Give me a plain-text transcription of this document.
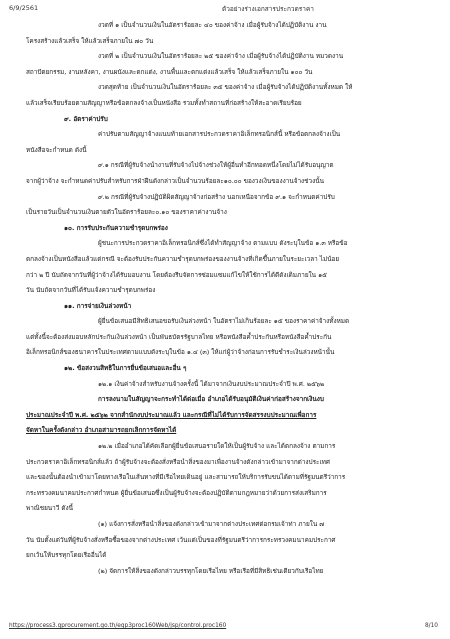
6/9/2561	ตัวอย่างร่างเอกสารประกวดราคา
งวดที่ ๑ เป็นจำนวนเงินในอัตราร้อยละ ๔๐ ของค่าจ้าง เมื่อผู้รับจ้างได้ปฏิบัติงาน งาน
โครงสร้างแล้วเสร็จ ให้แล้วเสร็จภายใน ๗๐ วัน
งวดที่ ๒ เป็นจำนวนเงินในอัตราร้อยละ ๒๕ ของค่าจ้าง เมื่อผู้รับจ้างได้ปฏิบัติงาน หมวดงาน
สถาปัตยกรรม, งานหลังคา, งานผนังและตกแต่ง, งานพื้นและตกแต่งแล้วเสร็จ ให้แล้วเสร็จภายใน ๑๐๐ วัน
งวดสุดท้าย เป็นจำนวนเงินในอัตราร้อยละ ๓๕ ของค่าจ้าง เมื่อผู้รับจ้างได้ปฏิบัติงานทั้งหมด ให้
แล้วเสร็จเรียบร้อยตามสัญญาหรือข้อตกลงจ้างเป็นหนังสือ รวมทั้งทำสถานที่ก่อสร้างให้สะอาดเรียบร้อย
๙. อัตราค่าปรับ
ค่าปรับตามสัญญาจ้างแนบท้ายเอกสารประกวดราคาอิเล็กทรอนิกส์นี้ หรือข้อตกลงจ้างเป็น
หนังสือจะกำหนด ดังนี้
๙.๑ กรณีที่ผู้รับจ้างนำงานที่รับจ้างไปจ้างช่วงให้ผู้อื่นทำอีกทอดหนึ่งโดยไม่ได้รับอนุญาต
จากผู้ว่าจ้าง จะกำหนดค่าปรับสำหรับการฝ่าฝืนดังกล่าวเป็นจำนวนร้อยละ๑๐.๐๐ ของวงเงินของงานจ้างช่วงนั้น
๙.๒ กรณีที่ผู้รับจ้างปฏิบัติผิดสัญญาจ้างก่อสร้าง นอกเหนือจากข้อ ๙.๑ จะกำหนดค่าปรับ
เป็นรายวันเป็นจำนวนเงินตายตัวในอัตราร้อยละ๐.๑๐ ของราคาค่างานจ้าง
๑๐. การรับประกันความชำรุดบกพร่อง
ผู้ชนะการประกวดราคาอิเล็กทรอนิกส์ซึ่งได้ทำสัญญาจ้าง ตามแบบ ดังระบุในข้อ ๑.๓ หรือข้อ
ตกลงจ้างเป็นหนังสือแล้วแต่กรณี จะต้องรับประกันความชำรุดบกพร่องของงานจ้างที่เกิดขึ้นภายในระยะเวลา ไม่น้อย
กว่า ๒ ปี นับถัดจากวันที่ผู้ว่าจ้างได้รับมอบงาน โดยต้องรีบจัดการซ่อมแซมแก้ไขให้ใช้การได้ดีดังเดิมภายใน ๑๕
วัน นับถัดจากวันที่ได้รับแจ้งความชำรุดบกพร่อง
๑๑. การจ่ายเงินล่วงหน้า
ผู้ยื่นข้อเสนอมีสิทธิเสนอขอรับเงินล่วงหน้า ในอัตราไม่เกินร้อยละ ๑๕ ของราคาค่าจ้างทั้งหมด
แต่ทั้งนี้จะต้องส่งมอบหลักประกันเงินล่วงหน้า เป็นพันธบัตรรัฐบาลไทย หรือหนังสือค้ำประกันหรือหนังสือค้ำประกัน
อิเล็กทรอนิกส์ของธนาคารในประเทศตามแบบดังระบุในข้อ ๑.๔ (๓) ให้แก่ผู้ว่าจ้างก่อนการรับชำระเงินล่วงหน้านั้น
๑๒. ข้อสงวนสิทธิในการยื่นข้อเสนอและอื่น ๆ
๑๒.๑ เงินค่าจ้างสำหรับงานจ้างครั้งนี้ ได้มาจากเงินงบประมาณประจำปี พ.ศ. ๒๕๖๒
การลงนามในสัญญาจะกระทำได้ต่อเมื่อ อำเภอได้รับอนุมัติเงินค่าก่อสร้างจากเงินงบ
ประมาณประจำปี พ.ศ. ๒๕๖๒ จากสำนักงบประมาณแล้ว และกรณีที่ไม่ได้รับการจัดสรรงบประมาณเพื่อการ
จัดหาในครั้งดังกล่าว อำเภอสามารถยกเลิกการจัดหาได้
๑๒.๒ เมื่ออำเภอได้คัดเลือกผู้ยื่นข้อเสนอรายใดให้เป็นผู้รับจ้าง และได้ตกลงจ้าง ตามการ
ประกวดราคาอิเล็กทรอนิกส์แล้ว ถ้าผู้รับจ้างจะต้องสั่งหรือนำสิ่งของมาเพื่องานจ้างดังกล่าวเข้ามาจากต่างประเทศ
และของนั้นต้องนำเข้ามาโดยทางเรือในเส้นทางที่มีเรือไทยเดินอยู่ และสามารถให้บริการรับขนได้ตามที่รัฐมนตรีว่าการ
กระทรวงคมนาคมประกาศกำหนด ผู้ยื่นข้อเสนอซึ่งเป็นผู้รับจ้างจะต้องปฏิบัติตามกฎหมายว่าด้วยการส่งเสริมการ
พาณิชยนาวี ดังนี้
(๑) แจ้งการสั่งหรือนำสิ่งของดังกล่าวเข้ามาจากต่างประเทศต่อกรมเจ้าท่า ภายใน ๗
วัน นับตั้งแต่วันที่ผู้รับจ้างสั่งหรือซื้อของจากต่างประเทศ เว้นแต่เป็นของที่รัฐมนตรีว่าการกระทรวงคมนาคมประกาศ
ยกเว้นให้บรรทุกโดยเรืออื่นได้
(๒) จัดการให้สิ่งของดังกล่าวบรรทุกโดยเรือไทย หรือเรือที่มีสิทธิเช่นเดียวกับเรือไทย
https://process3.gprocurement.go.th/egp3proc160Web/jsp/control.proc160	8/10
